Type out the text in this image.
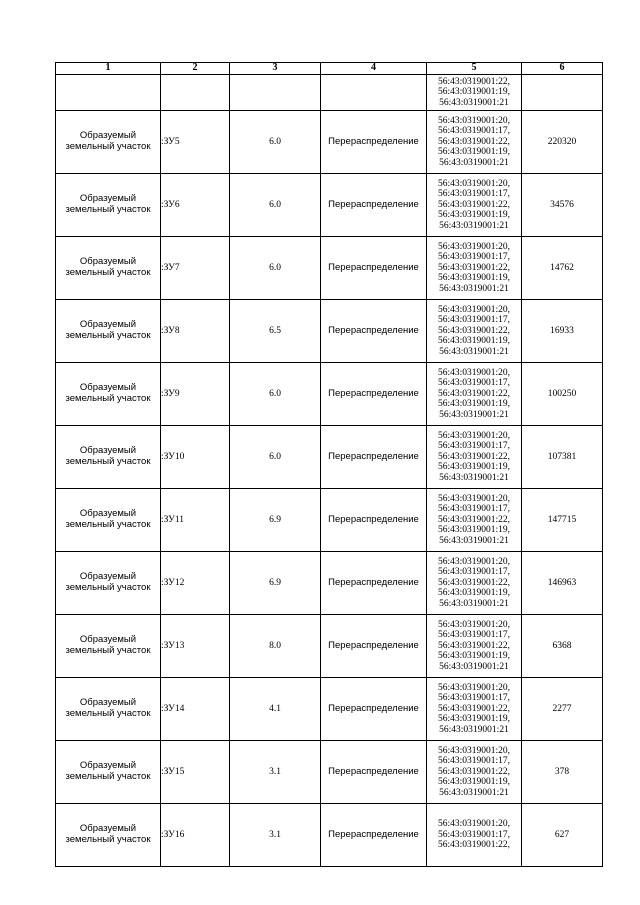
1	2	3	4	5	6

				56:43:0319001:22,
56:43:0319001:19,
56:43:0319001:21	

Образуемый земельный участок	:ЗУ5	6.0	Перераспределение	56:43:0319001:20,
56:43:0319001:17,
56:43:0319001:22,
56:43:0319001:19,
56:43:0319001:21	220320
Образуемый земельный участок	:ЗУ6	6.0	Перераспределение	56:43:0319001:20,
56:43:0319001:17,
56:43:0319001:22,
56:43:0319001:19,
56:43:0319001:21	34576
Образуемый земельный участок	:ЗУ7	6.0	Перераспределение	56:43:0319001:20,
56:43:0319001:17,
56:43:0319001:22,
56:43:0319001:19,
56:43:0319001:21	14762
Образуемый земельный участок	:ЗУ8	6.5	Перераспределение	56:43:0319001:20,
56:43:0319001:17,
56:43:0319001:22,
56:43:0319001:19,
56:43:0319001:21	16933
Образуемый земельный участок	:ЗУ9	6.0	Перераспределение	56:43:0319001:20,
56:43:0319001:17,
56:43:0319001:22,
56:43:0319001:19,
56:43:0319001:21	100250
Образуемый земельный участок	:ЗУ10	6.0	Перераспределение	56:43:0319001:20,
56:43:0319001:17,
56:43:0319001:22,
56:43:0319001:19,
56:43:0319001:21	107381
Образуемый земельный участок	:ЗУ11	6.9	Перераспределение	56:43:0319001:20,
56:43:0319001:17,
56:43:0319001:22,
56:43:0319001:19,
56:43:0319001:21	147715
Образуемый земельный участок	:ЗУ12	6.9	Перераспределение	56:43:0319001:20,
56:43:0319001:17,
56:43:0319001:22,
56:43:0319001:19,
56:43:0319001:21	146963
Образуемый земельный участок	:ЗУ13	8.0	Перераспределение	56:43:0319001:20,
56:43:0319001:17,
56:43:0319001:22,
56:43:0319001:19,
56:43:0319001:21	6368
Образуемый земельный участок	:ЗУ14	4.1	Перераспределение	56:43:0319001:20,
56:43:0319001:17,
56:43:0319001:22,
56:43:0319001:19,
56:43:0319001:21	2277
Образуемый земельный участок	:ЗУ15	3.1	Перераспределение	56:43:0319001:20,
56:43:0319001:17,
56:43:0319001:22,
56:43:0319001:19,
56:43:0319001:21	378
Образуемый земельный участок	:ЗУ16	3.1	Перераспределение	56:43:0319001:20,
56:43:0319001:17,
56:43:0319001:22,	627
